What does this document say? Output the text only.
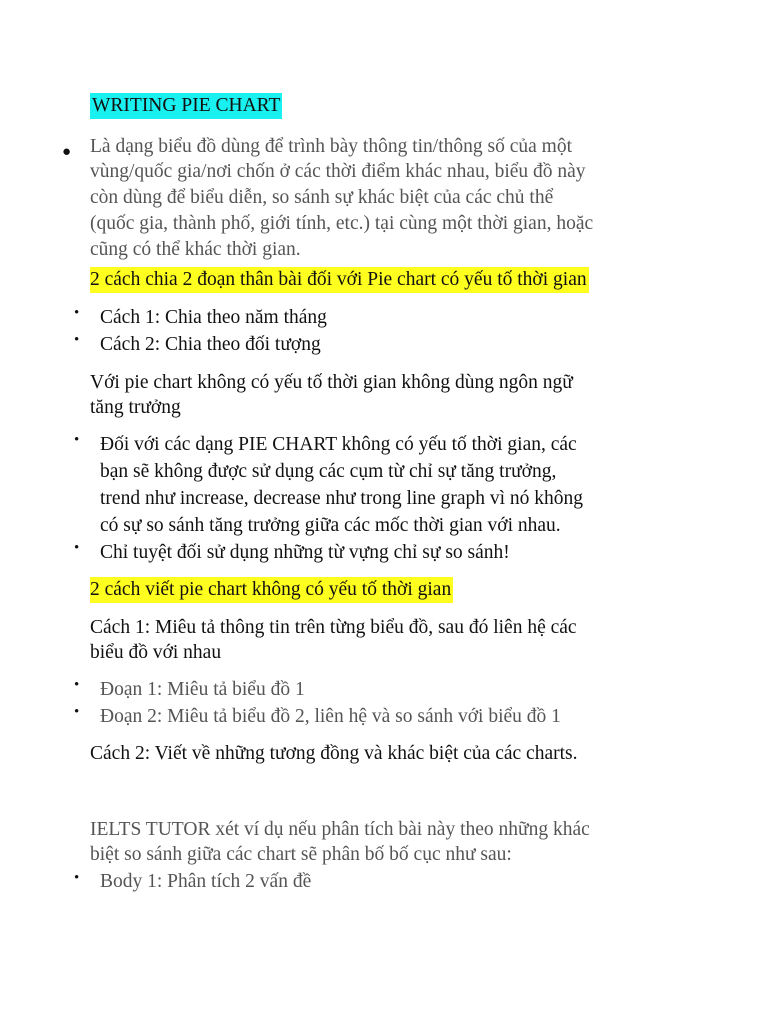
WRITING PIE CHART
● Là dạng biểu đồ dùng để trình bày thông tin/thông số của một
vùng/quốc gia/nơi chốn ở các thời điểm khác nhau, biểu đồ này
còn dùng để biểu diễn, so sánh sự khác biệt của các chủ thể
(quốc gia, thành phố, giới tính, etc.) tại cùng một thời gian, hoặc
cũng có thể khác thời gian.
2 cách chia 2 đoạn thân bài đối với Pie chart có yếu tố thời gian
• Cách 1: Chia theo năm tháng
• Cách 2: Chia theo đối tượng
Với pie chart không có yếu tố thời gian không dùng ngôn ngữ
tăng trưởng
• Đối với các dạng PIE CHART không có yếu tố thời gian, các
bạn sẽ không được sử dụng các cụm từ chỉ sự tăng trưởng,
trend như increase, decrease như trong line graph vì nó không
có sự so sánh tăng trưởng giữa các mốc thời gian với nhau.
• Chỉ tuyệt đối sử dụng những từ vựng chỉ sự so sánh!
2 cách viết pie chart không có yếu tố thời gian
Cách 1: Miêu tả thông tin trên từng biểu đồ, sau đó liên hệ các
biểu đồ với nhau
• Đoạn 1: Miêu tả biểu đồ 1
• Đoạn 2: Miêu tả biểu đồ 2, liên hệ và so sánh với biểu đồ 1
Cách 2: Viết về những tương đồng và khác biệt của các charts.
IELTS TUTOR xét ví dụ nếu phân tích bài này theo những khác
biệt so sánh giữa các chart sẽ phân bố bố cục như sau:
• Body 1: Phân tích 2 vấn đề
